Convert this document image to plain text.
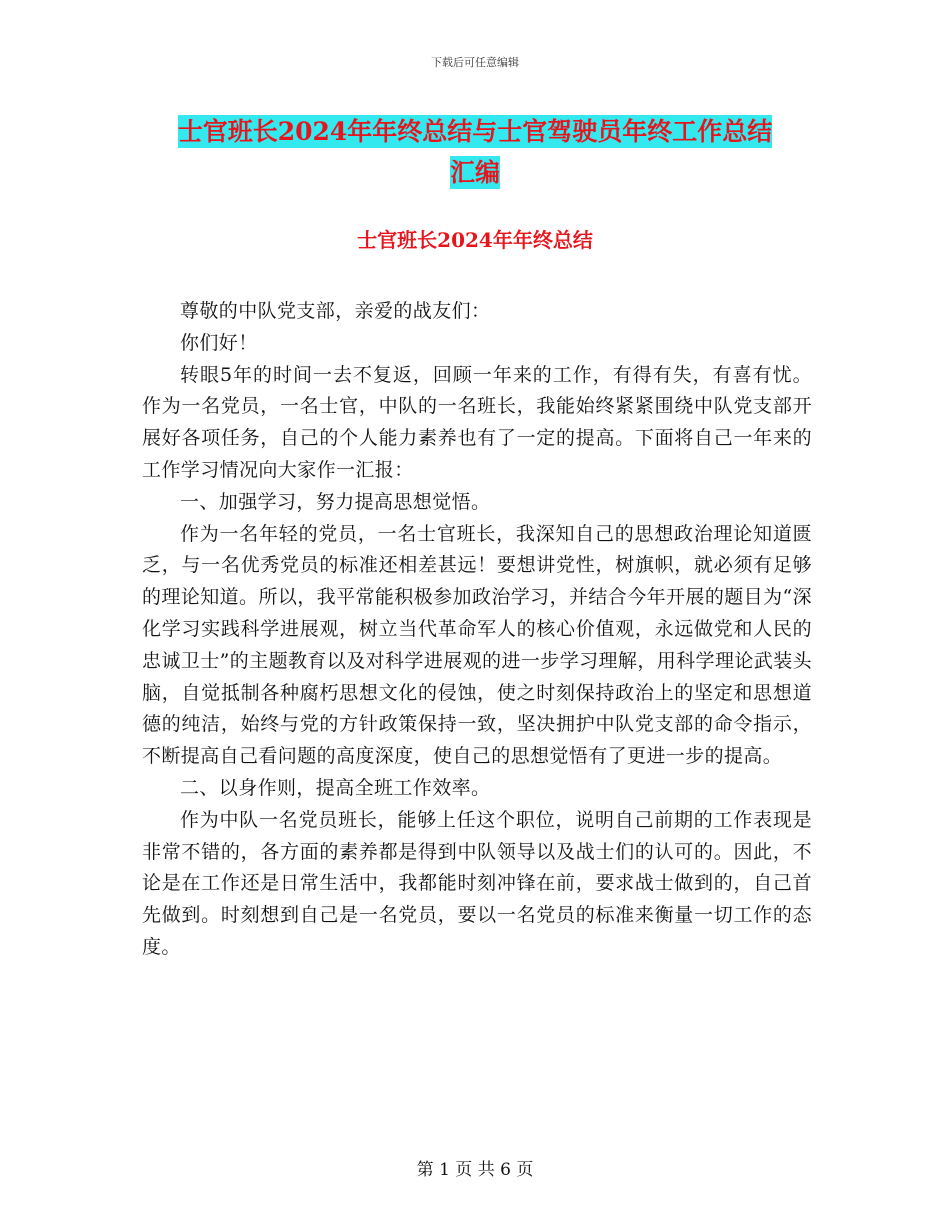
下载后可任意编辑
士官班长2024年年终总结与士官驾驶员年终工作总结
汇编
士官班长2024年年终总结

尊敬的中队党支部，亲爱的战友们：

你们好！

转眼5年的时间一去不复返，回顾一年来的工作，有得有失，有喜有忧。作为一名党员，一名士官，中队的一名班长，我能始终紧紧围绕中队党支部开展好各项任务，自己的个人能力素养也有了一定的提高。下面将自己一年来的工作学习情况向大家作一汇报：

一、加强学习，努力提高思想觉悟。

作为一名年轻的党员，一名士官班长，我深知自己的思想政治理论知道匮乏，与一名优秀党员的标准还相差甚远！要想讲党性，树旗帜，就必须有足够的理论知道。所以，我平常能积极参加政治学习，并结合今年开展的题目为“深化学习实践科学进展观，树立当代革命军人的核心价值观，永远做党和人民的忠诚卫士”的主题教育以及对科学进展观的进一步学习理解，用科学理论武装头脑，自觉抵制各种腐朽思想文化的侵蚀，使之时刻保持政治上的坚定和思想道德的纯洁，始终与党的方针政策保持一致，坚决拥护中队党支部的命令指示，不断提高自己看问题的高度深度，使自己的思想觉悟有了更进一步的提高。

二、以身作则，提高全班工作效率。

作为中队一名党员班长，能够上任这个职位，说明自己前期的工作表现是非常不错的，各方面的素养都是得到中队领导以及战士们的认可的。因此，不论是在工作还是日常生活中，我都能时刻冲锋在前，要求战士做到的，自己首先做到。时刻想到自己是一名党员，要以一名党员的标准来衡量一切工作的态度。

第 1 页 共 6 页
